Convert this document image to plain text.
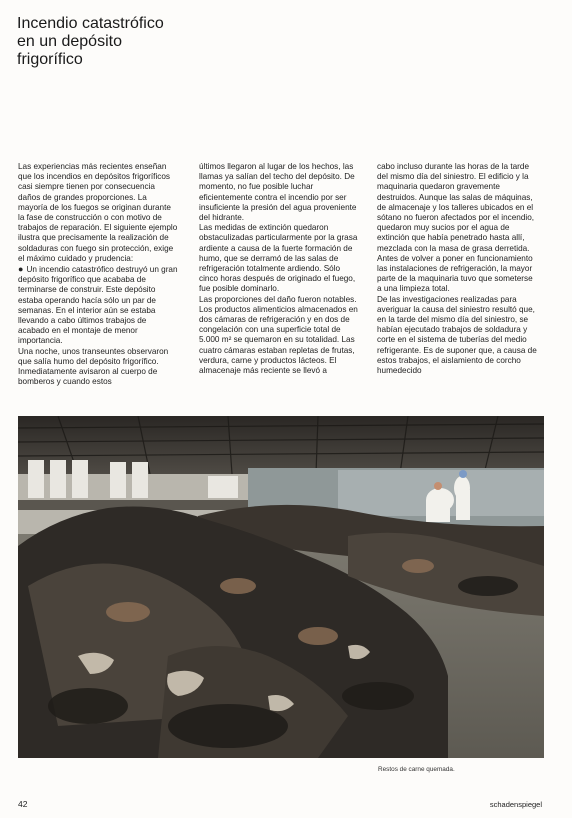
Incendio catastrófico
en un depósito
frigorífico

Las experiencias más recientes enseñan que los incendios en depósitos frigoríficos casi siempre tienen por consecuencia daños de grandes proporciones. La mayoría de los fuegos se originan durante la fase de construcción o con motivo de trabajos de reparación. El siguiente ejemplo ilustra que precisamente la realización de soldaduras con fuego sin protección, exige el máximo cuidado y prudencia:

● Un incendio catastrófico destruyó un gran depósito frigorífico que acababa de terminarse de construir. Este depósito estaba operando hacía sólo un par de semanas. En el interior aún se estaba llevando a cabo últimos trabajos de acabado en el montaje de menor importancia.

Una noche, unos transeuntes observaron que salía humo del depósito frigorífico. Inmediatamente avisaron al cuerpo de bomberos y cuando estos

últimos llegaron al lugar de los hechos, las llamas ya salían del techo del depósito. De momento, no fue posible luchar eficientemente contra el incendio por ser insuficiente la presión del agua proveniente del hidrante.

Las medidas de extinción quedaron obstaculizadas particularmente por la grasa ardiente a causa de la fuerte formación de humo, que se derramó de las salas de refrigeración totalmente ardiendo. Sólo cinco horas después de originado el fuego, fue posible dominarlo.

Las proporciones del daño fueron notables. Los productos alimenticios almacenados en dos cámaras de refrigeración y en dos de congelación con una superficie total de 5.000 m² se quemaron en su totalidad. Las cuatro cámaras estaban repletas de frutas, verdura, carne y productos lácteos. El almacenaje más reciente se llevó a

cabo incluso durante las horas de la tarde del mismo día del siniestro. El edificio y la maquinaria quedaron gravemente destruidos. Aunque las salas de máquinas, de almacenaje y los talleres ubicados en el sótano no fueron afectados por el incendio, quedaron muy sucios por el agua de extinción que había penetrado hasta allí, mezclada con la masa de grasa derretida. Antes de volver a poner en funcionamiento las instalaciones de refrigeración, la mayor parte de la maquinaria tuvo que someterse a una limpieza total.

De las investigaciones realizadas para averiguar la causa del siniestro resultó que, en la tarde del mismo día del siniestro, se habían ejecutado trabajos de soldadura y corte en el sistema de tuberías del medio refrigerante. Es de suponer que, a causa de estos trabajos, el aislamiento de corcho humedecido

Restos de carne quemada.
42	schadenspiegel
